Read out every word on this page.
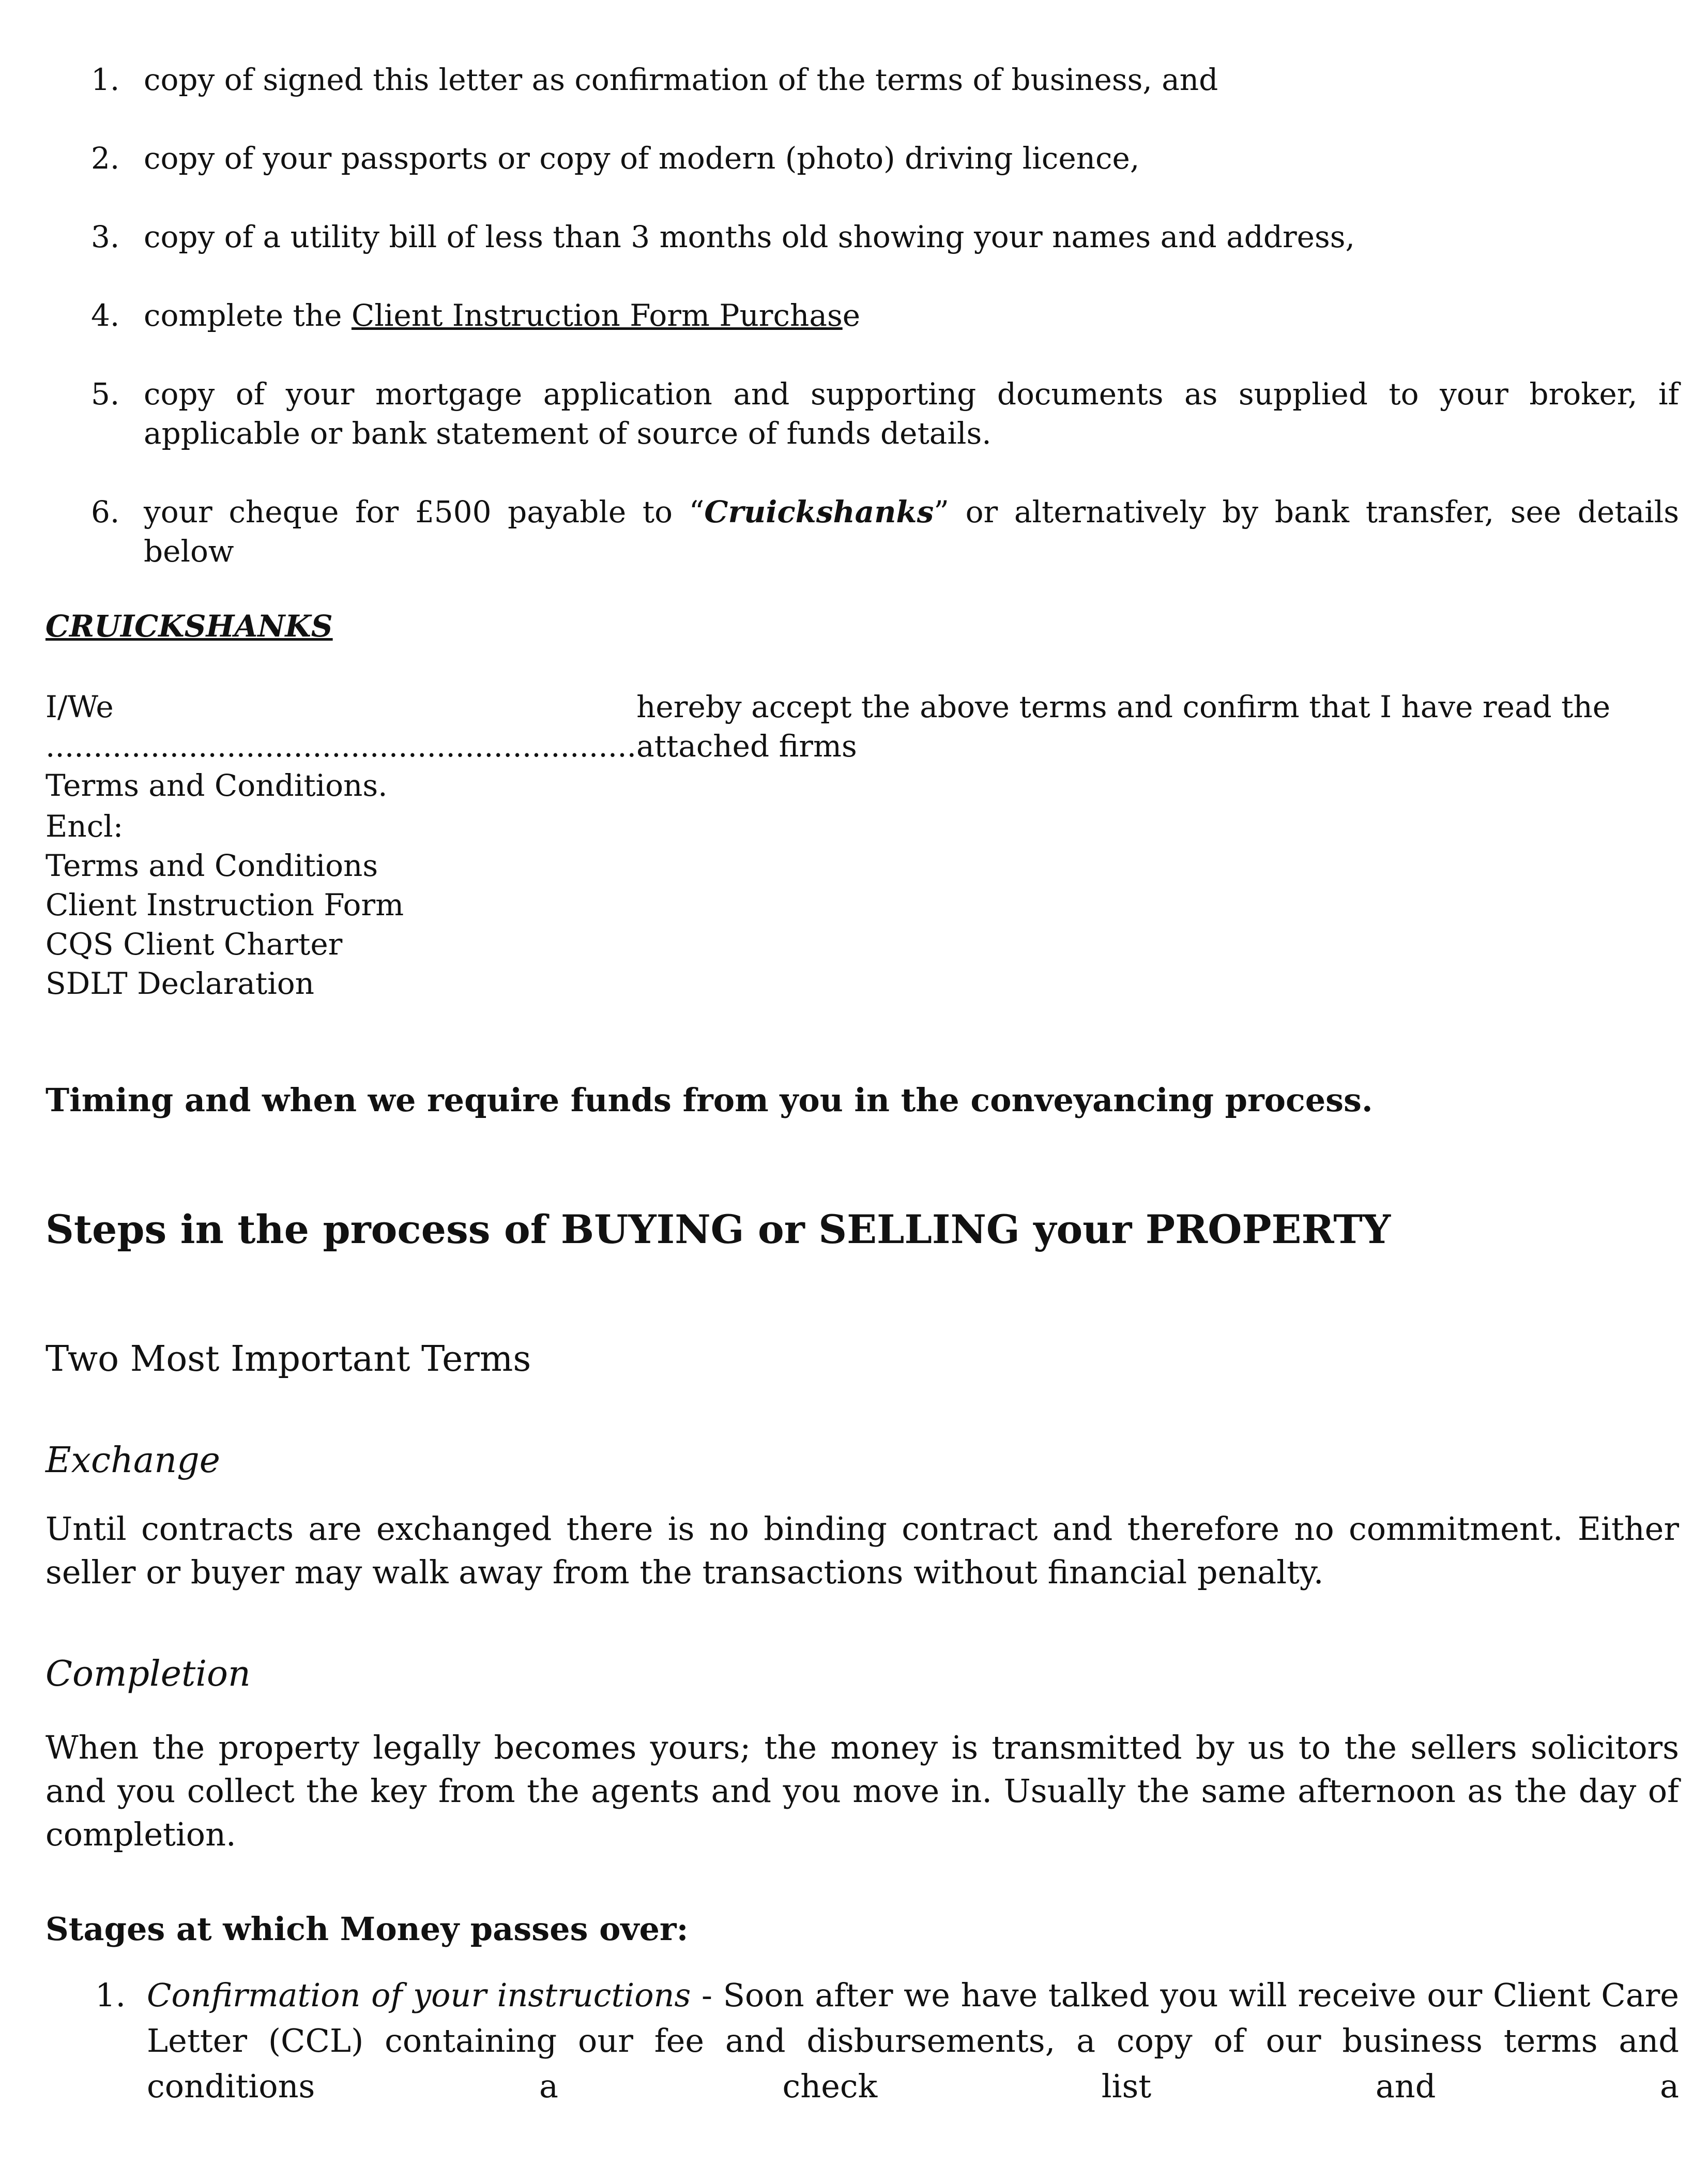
1. copy of signed this letter as confirmation of the terms of business, and
2. copy of your passports or copy of modern (photo) driving licence,
3. copy of a utility bill of less than 3 months old showing your names and address,
4. complete the Client Instruction Form Purchase
5. copy of your mortgage application and supporting documents as supplied to your broker, if applicable or bank statement of source of funds details.
6. your cheque for £500 payable to “Cruickshanks” or alternatively by bank transfer, see details below
CRUICKSHANKS
I/We ..............................................................
hereby accept the above terms and confirm that I have read the attached firms
Terms and Conditions.
Encl:
Terms and Conditions
Client Instruction Form
CQS Client Charter
SDLT Declaration
Timing and when we require funds from you in the conveyancing process.
Steps in the process of BUYING or SELLING your PROPERTY
Two Most Important Terms
Exchange
Until contracts are exchanged there is no binding contract and therefore no commitment. Either seller or buyer may walk away from the transactions without financial penalty.
Completion
When the property legally becomes yours; the money is transmitted by us to the sellers solicitors and you collect the key from the agents and you move in. Usually the same afternoon as the day of completion.
Stages at which Money passes over:
1. Confirmation of your instructions - Soon after we have talked you will receive our Client Care Letter (CCL) containing our fee and disbursements, a copy of our business terms and conditions a check list and a
